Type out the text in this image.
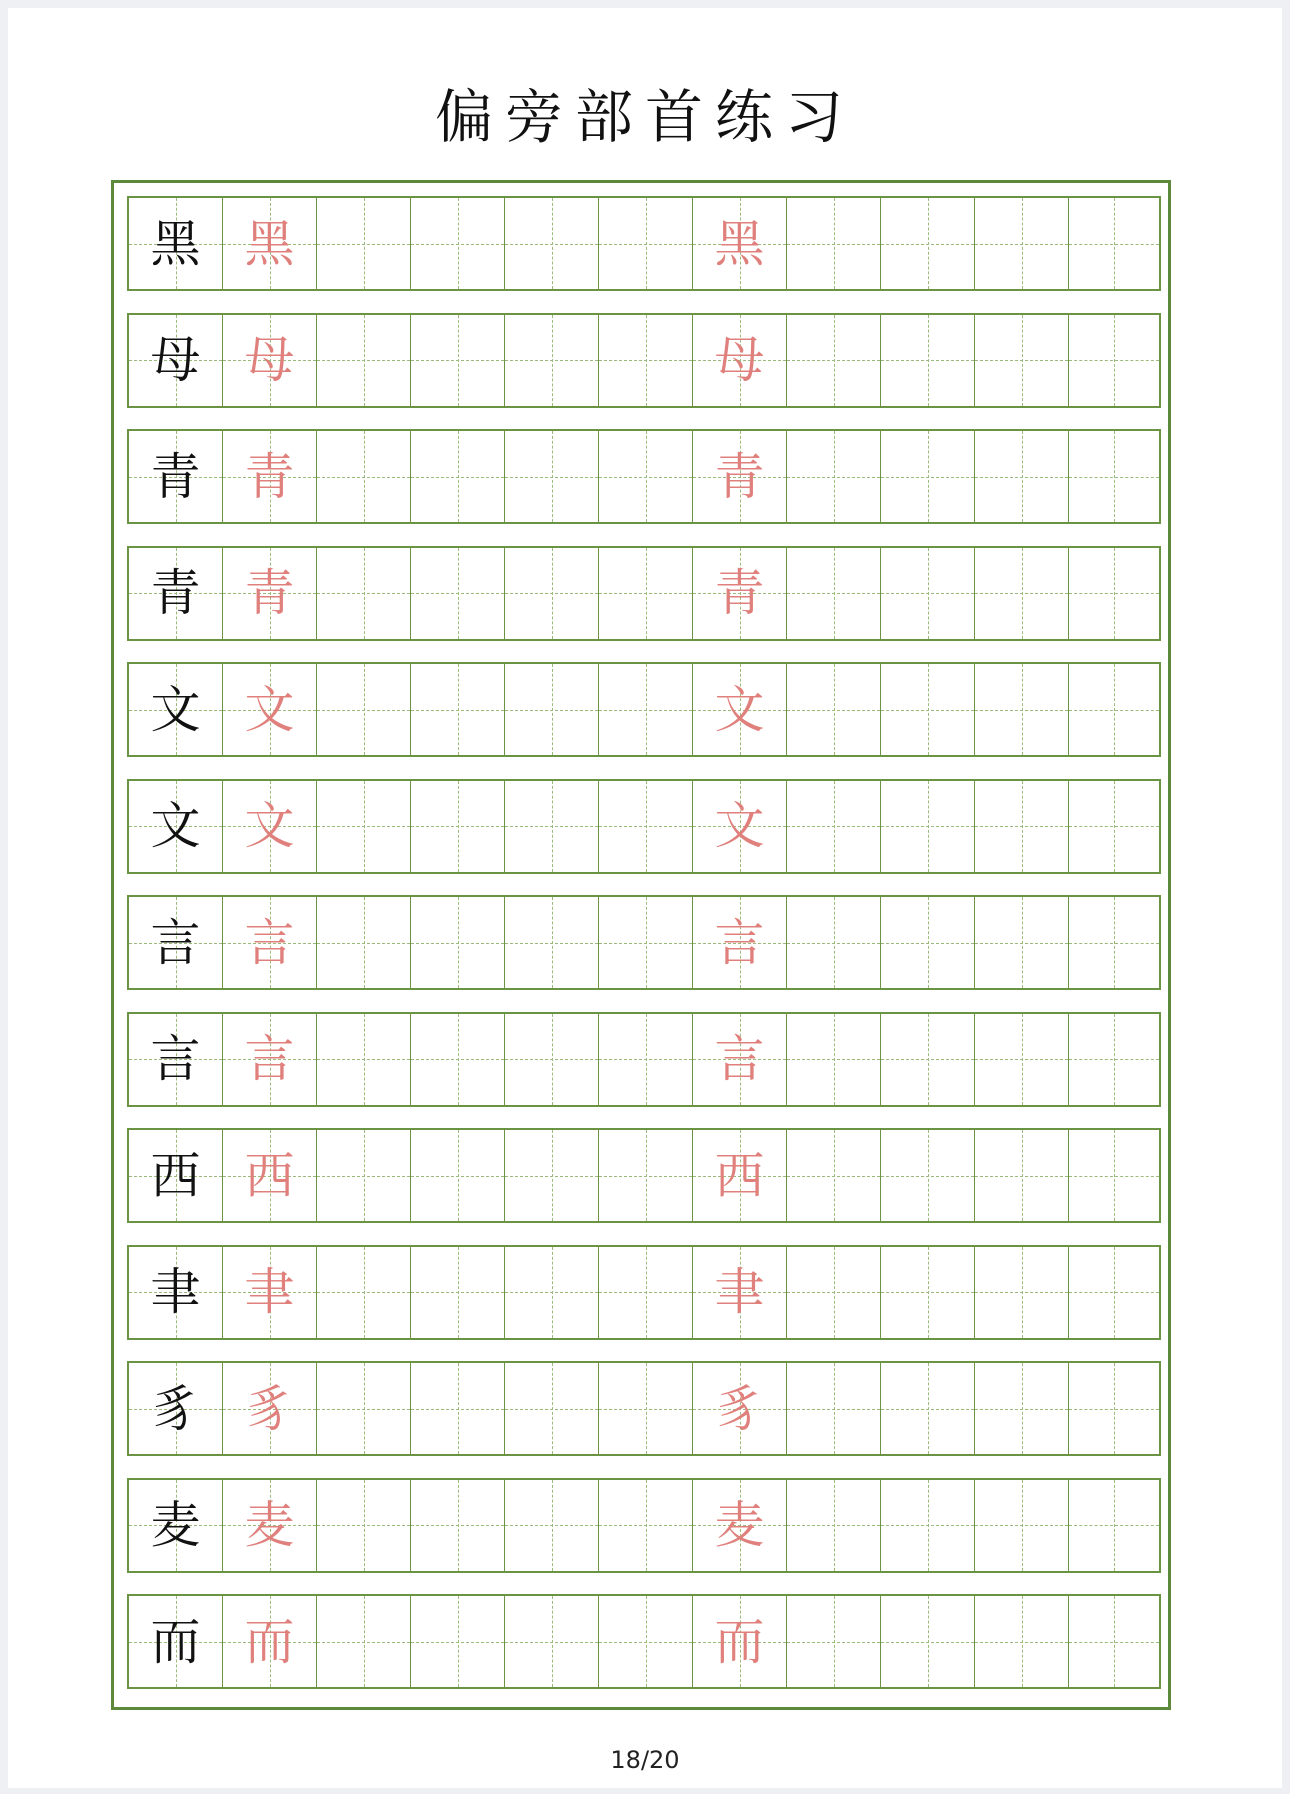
偏旁部首练习
黑 黑	黑
母 母	母
青 青	青
青 青	青
文 文	文
文 文	文
言 言	言
言 言	言
西 西	西
聿 聿	聿
豸 豸	豸
麦 麦	麦
而 而	而
18/20
